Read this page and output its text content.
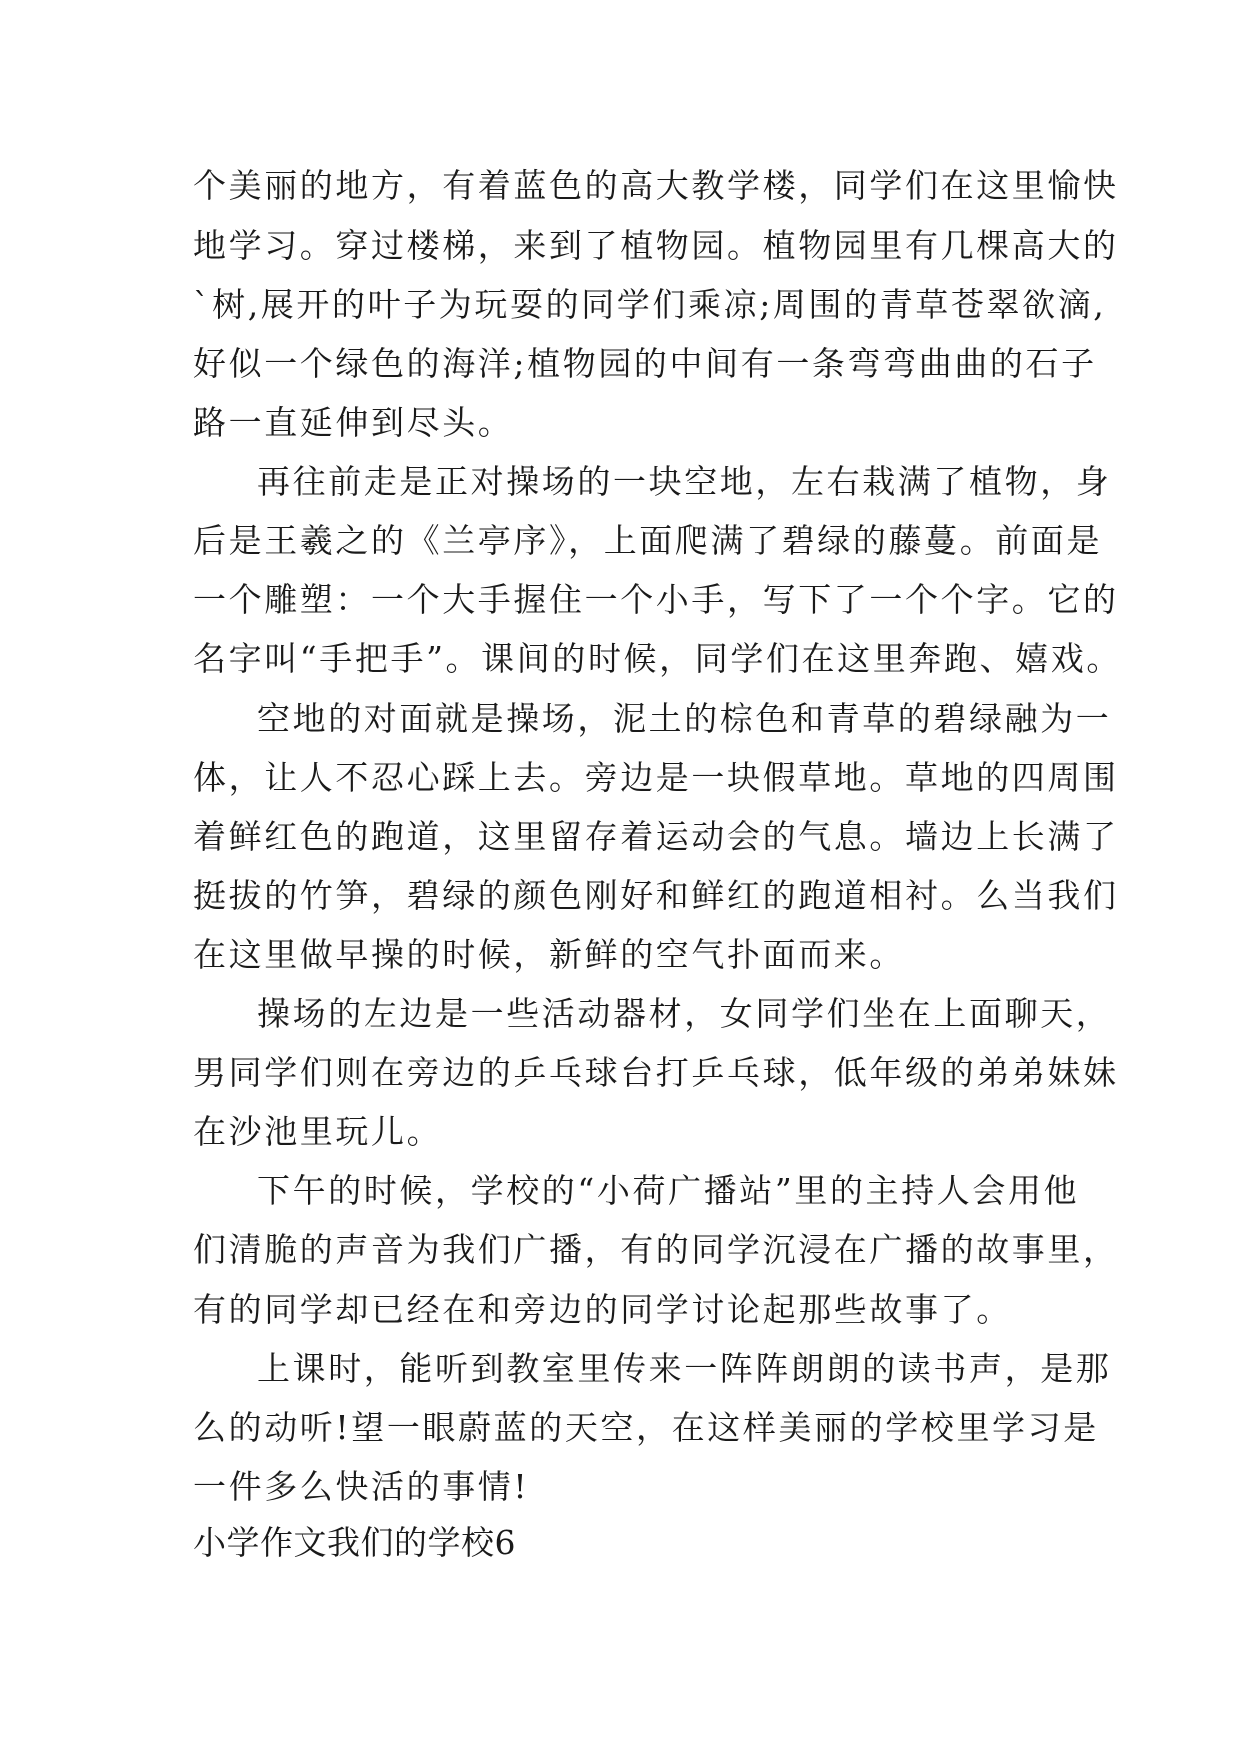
个美丽的地方，有着蓝色的高大教学楼，同学们在这里愉快
地学习。穿过楼梯，来到了植物园。植物园里有几棵高大的
`树,展开的叶子为玩耍的同学们乘凉;周围的青草苍翠欲滴,
好似一个绿色的海洋;植物园的中间有一条弯弯曲曲的石子
路一直延伸到尽头。
再往前走是正对操场的一块空地，左右栽满了植物，身
后是王羲之的《兰亭序》，上面爬满了碧绿的藤蔓。前面是
一个雕塑：一个大手握住一个小手，写下了一个个字。它的
名字叫“手把手”。课间的时候，同学们在这里奔跑、嬉戏。
空地的对面就是操场，泥土的棕色和青草的碧绿融为一
体，让人不忍心踩上去。旁边是一块假草地。草地的四周围
着鲜红色的跑道，这里留存着运动会的气息。墙边上长满了
挺拔的竹笋，碧绿的颜色刚好和鲜红的跑道相衬。么当我们
在这里做早操的时候，新鲜的空气扑面而来。
操场的左边是一些活动器材，女同学们坐在上面聊天，
男同学们则在旁边的乒乓球台打乒乓球，低年级的弟弟妹妹
在沙池里玩儿。
下午的时候，学校的“小荷广播站”里的主持人会用他
们清脆的声音为我们广播，有的同学沉浸在广播的故事里，
有的同学却已经在和旁边的同学讨论起那些故事了。
上课时，能听到教室里传来一阵阵朗朗的读书声，是那
么的动听!望一眼蔚蓝的天空，在这样美丽的学校里学习是
一件多么快活的事情!
小学作文我们的学校6
